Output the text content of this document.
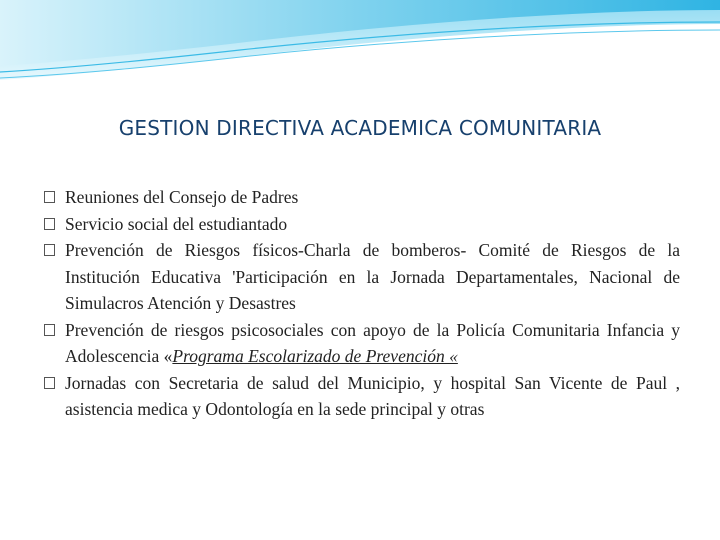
GESTION DIRECTIVA ACADEMICA COMUNITARIA
Reuniones del Consejo de Padres
Servicio social del estudiantado
Prevención de Riesgos físicos-Charla de bomberos- Comité de Riesgos de la Institución Educativa 'Participación en la Jornada Departamentales, Nacional de Simulacros Atención y Desastres
Prevención de riesgos psicosociales con apoyo de la Policía Comunitaria Infancia y Adolescencia «Programa Escolarizado de Prevención «
Jornadas con Secretaria de salud del Municipio, y hospital San Vicente de Paul , asistencia medica y Odontología en la sede principal y otras
